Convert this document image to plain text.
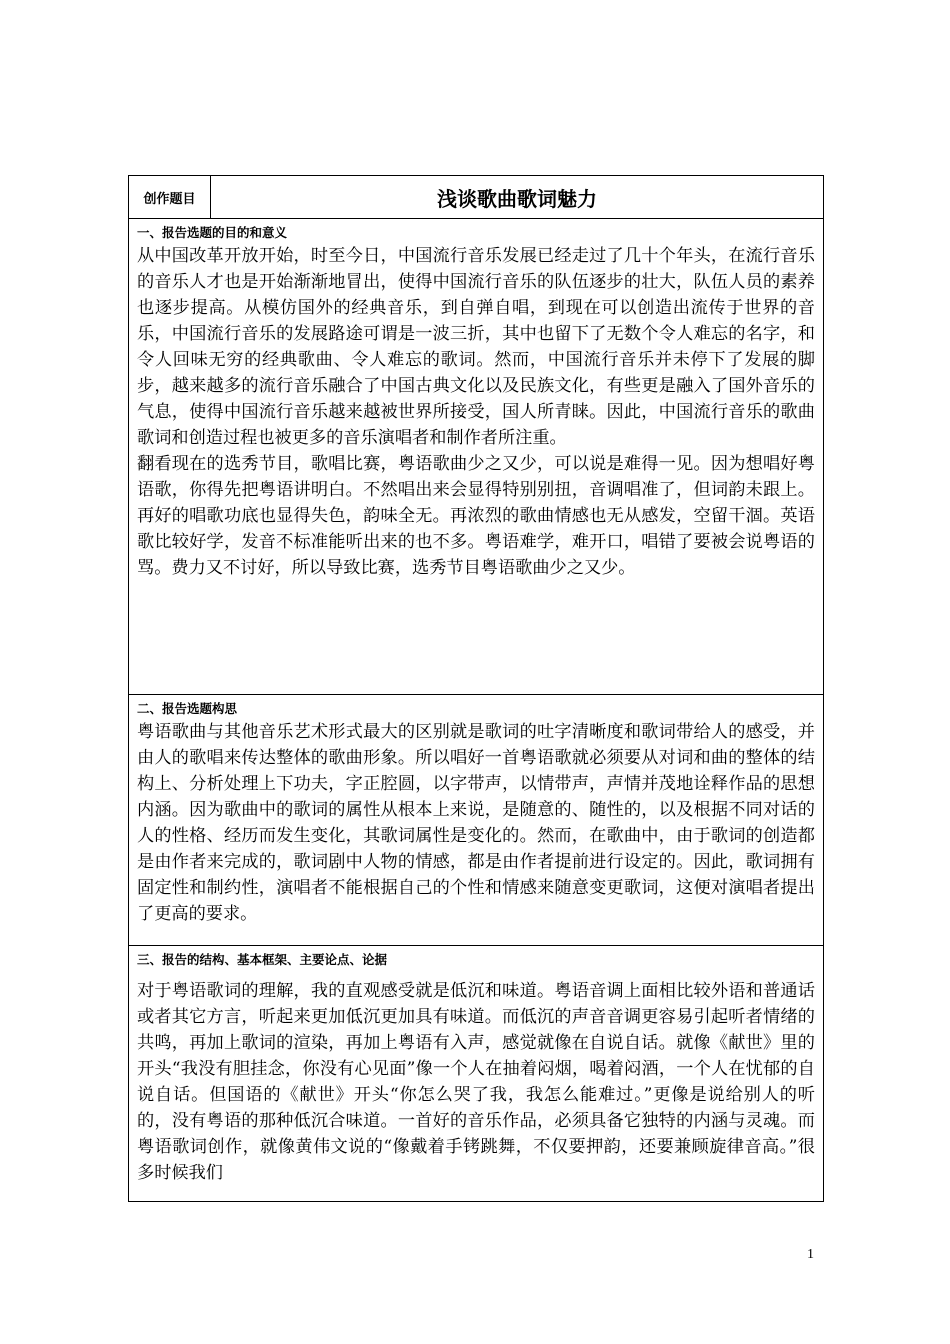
创作题目	浅谈歌曲歌词魅力

一、报告选题的目的和意义

从中国改革开放开始，时至今日，中国流行音乐发展已经走过了几十个年头，在流行音乐的音乐人才也是开始渐渐地冒出，使得中国流行音乐的队伍逐步的壮大，队伍人员的素养也逐步提高。从模仿国外的经典音乐，到自弹自唱，到现在可以创造出流传于世界的音乐，中国流行音乐的发展路途可谓是一波三折，其中也留下了无数个令人难忘的名字，和令人回味无穷的经典歌曲、令人难忘的歌词。然而，中国流行音乐并未停下了发展的脚步，越来越多的流行音乐融合了中国古典文化以及民族文化，有些更是融入了国外音乐的气息，使得中国流行音乐越来越被世界所接受，国人所青睐。因此，中国流行音乐的歌曲歌词和创造过程也被更多的音乐演唱者和制作者所注重。

翻看现在的选秀节目，歌唱比赛，粤语歌曲少之又少，可以说是难得一见。因为想唱好粤语歌，你得先把粤语讲明白。不然唱出来会显得特别别扭，音调唱准了，但词韵未跟上。再好的唱歌功底也显得失色，韵味全无。再浓烈的歌曲情感也无从感发，空留干涸。英语歌比较好学，发音不标准能听出来的也不多。粤语难学，难开口，唱错了要被会说粤语的骂。费力又不讨好，所以导致比赛，选秀节目粤语歌曲少之又少。

二、报告选题构思

粤语歌曲与其他音乐艺术形式最大的区别就是歌词的吐字清晰度和歌词带给人的感受，并由人的歌唱来传达整体的歌曲形象。所以唱好一首粤语歌就必须要从对词和曲的整体的结构上、分析处理上下功夫，字正腔圆，以字带声，以情带声，声情并茂地诠释作品的思想内涵。因为歌曲中的歌词的属性从根本上来说，是随意的、随性的，以及根据不同对话的人的性格、经历而发生变化，其歌词属性是变化的。然而，在歌曲中，由于歌词的创造都是由作者来完成的，歌词剧中人物的情感，都是由作者提前进行设定的。因此，歌词拥有固定性和制约性，演唱者不能根据自己的个性和情感来随意变更歌词，这便对演唱者提出了更高的要求。

三、报告的结构、基本框架、主要论点、论据

对于粤语歌词的理解，我的直观感受就是低沉和味道。粤语音调上面相比较外语和普通话或者其它方言，听起来更加低沉更加具有味道。而低沉的声音音调更容易引起听者情绪的共鸣，再加上歌词的渲染，再加上粤语有入声，感觉就像在自说自话。就像《献世》里的开头“我没有胆挂念，你没有心见面”像一个人在抽着闷烟，喝着闷酒，一个人在忧郁的自说自话。但国语的《献世》开头“你怎么哭了我，我怎么能难过。”更像是说给别人的听的，没有粤语的那种低沉合味道。一首好的音乐作品，必须具备它独特的内涵与灵魂。而粤语歌词创作，就像黄伟文说的“像戴着手铐跳舞，不仅要押韵，还要兼顾旋律音高。”很多时候我们

1
